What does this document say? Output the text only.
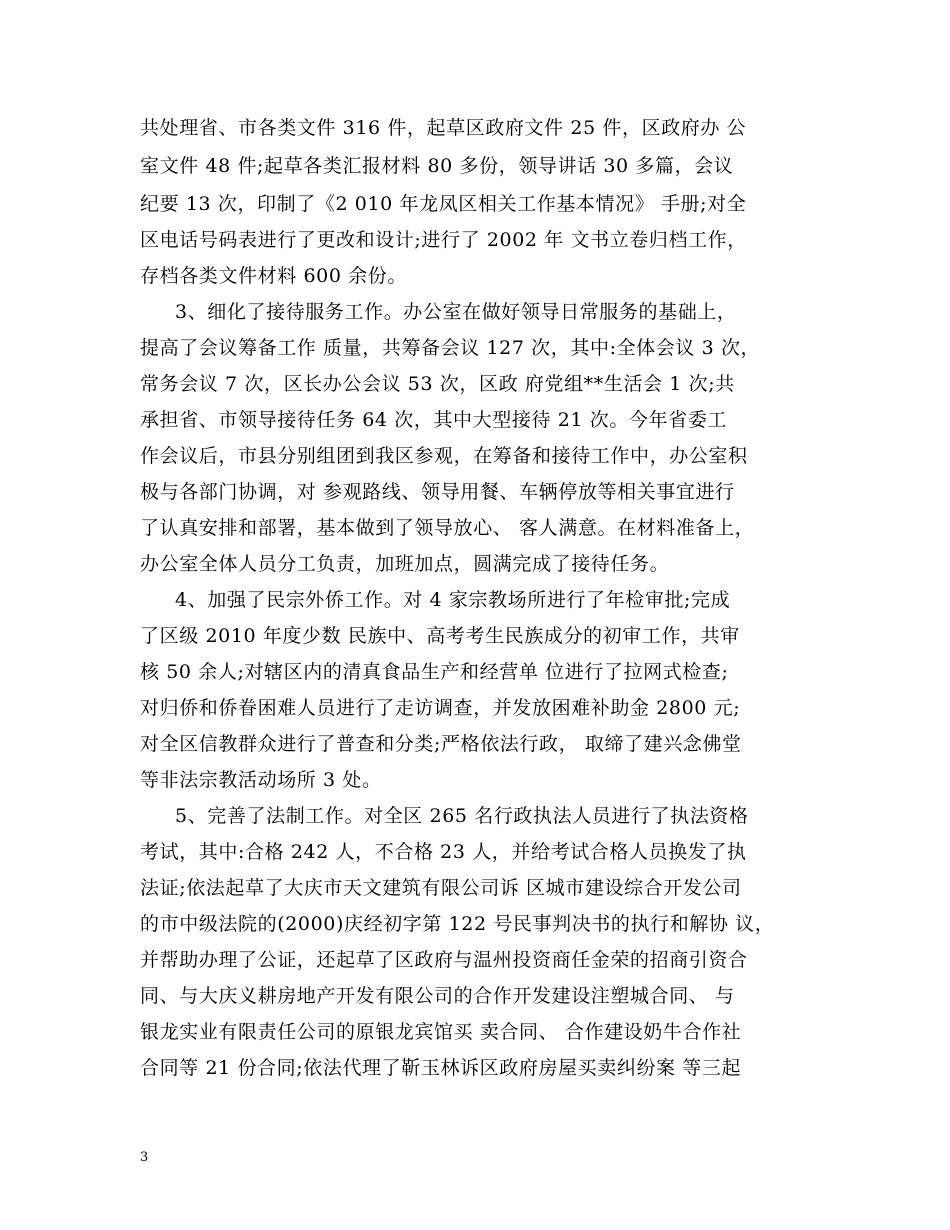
共处理省、市各类文件 316 件，起草区政府文件 25 件，区政府办 公
室文件 48 件;起草各类汇报材料 80 多份，领导讲话 30 多篇，会议
纪要 13 次，印制了《2 010 年龙凤区相关工作基本情况》 手册;对全
区电话号码表进行了更改和设计;进行了 2002 年 文书立卷归档工作，
存档各类文件材料 600 余份。
3、细化了接待服务工作。办公室在做好领导日常服务的基础上，
提高了会议筹备工作 质量，共筹备会议 127 次，其中:全体会议 3 次，
常务会议 7 次，区长办公会议 53 次，区政 府党组**生活会 1 次;共
承担省、市领导接待任务 64 次，其中大型接待 21 次。今年省委工
作会议后，市县分别组团到我区参观，在筹备和接待工作中，办公室积
极与各部门协调，对 参观路线、领导用餐、车辆停放等相关事宜进行
了认真安排和部署，基本做到了领导放心、 客人满意。在材料准备上，
办公室全体人员分工负责，加班加点，圆满完成了接待任务。
4、加强了民宗外侨工作。对 4 家宗教场所进行了年检审批;完成
了区级 2010 年度少数 民族中、高考考生民族成分的初审工作，共审
核 50 余人;对辖区内的清真食品生产和经营单 位进行了拉网式检查;
对归侨和侨眷困难人员进行了走访调查，并发放困难补助金 2800 元;
对全区信教群众进行了普查和分类;严格依法行政， 取缔了建兴念佛堂
等非法宗教活动场所 3 处。
5、完善了法制工作。对全区 265 名行政执法人员进行了执法资格
考试，其中:合格 242 人，不合格 23 人，并给考试合格人员换发了执
法证;依法起草了大庆市天文建筑有限公司诉 区城市建设综合开发公司
的市中级法院的(2000)庆经初字第 122 号民事判决书的执行和解协 议，
并帮助办理了公证，还起草了区政府与温州投资商任金荣的招商引资合
同、与大庆义耕房地产开发有限公司的合作开发建设注塑城合同、 与
银龙实业有限责任公司的原银龙宾馆买 卖合同、 合作建设奶牛合作社
合同等 21 份合同;依法代理了靳玉林诉区政府房屋买卖纠纷案 等三起
3
